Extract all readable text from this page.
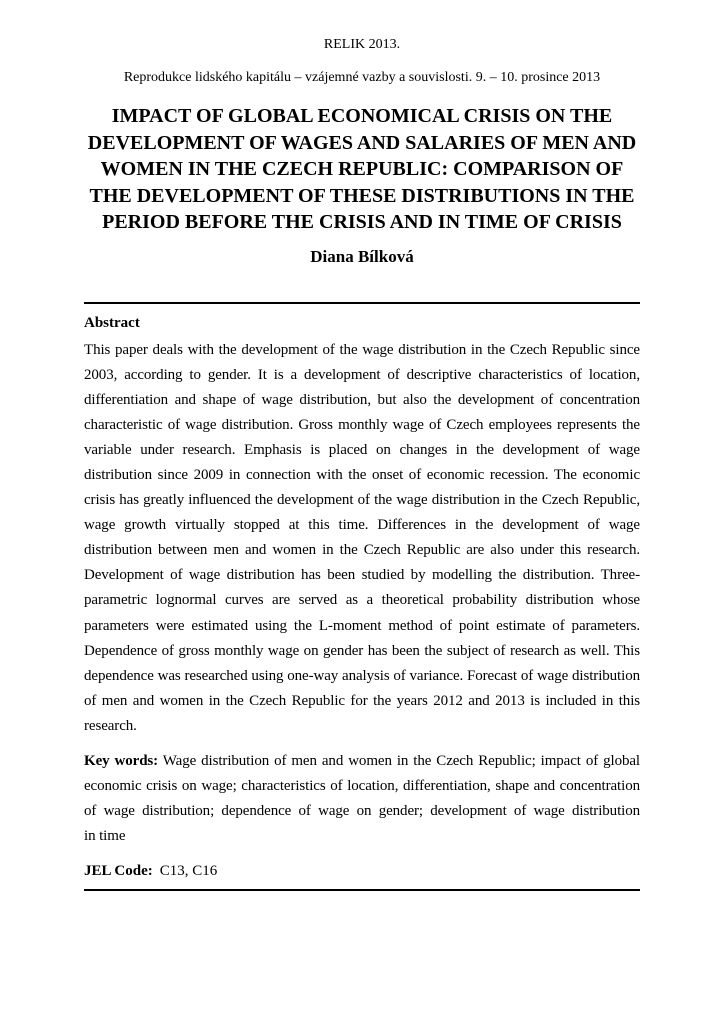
RELIK 2013.
Reprodukce lidského kapitálu – vzájemné vazby a souvislosti. 9. – 10. prosince 2013
IMPACT OF GLOBAL ECONOMICAL CRISIS ON THE
DEVELOPMENT OF WAGES AND SALARIES OF MEN AND
WOMEN IN THE CZECH REPUBLIC: COMPARISON OF
THE DEVELOPMENT OF THESE DISTRIBUTIONS IN THE
PERIOD BEFORE THE CRISIS AND IN TIME OF CRISIS
Diana Bílková
Abstract
This paper deals with the development of the wage distribution in the Czech Republic since
2003, according to gender. It is a development of descriptive characteristics of location,
differentiation and shape of wage distribution, but also the development of concentration
characteristic of wage distribution. Gross monthly wage of Czech employees represents the
variable under research. Emphasis is placed on changes in the development of wage
distribution since 2009 in connection with the onset of economic recession. The economic
crisis has greatly influenced the development of the wage distribution in the Czech Republic,
wage growth virtually stopped at this time. Differences in the development of wage
distribution between men and women in the Czech Republic are also under this research.
Development of wage distribution has been studied by modelling the distribution. Three-
parametric lognormal curves are served as a theoretical probability distribution whose
parameters were estimated using the L-moment method of point estimate of parameters.
Dependence of gross monthly wage on gender has been the subject of research as well. This
dependence was researched using one-way analysis of variance. Forecast of wage distribution
of men and women in the Czech Republic for the years 2012 and 2013 is included in this
research.
Key words: Wage distribution of men and women in the Czech Republic; impact of global
economic crisis on wage; characteristics of location, differentiation, shape and concentration
of wage distribution; dependence of wage on gender; development of wage distribution
in time
JEL Code: C13, C16
